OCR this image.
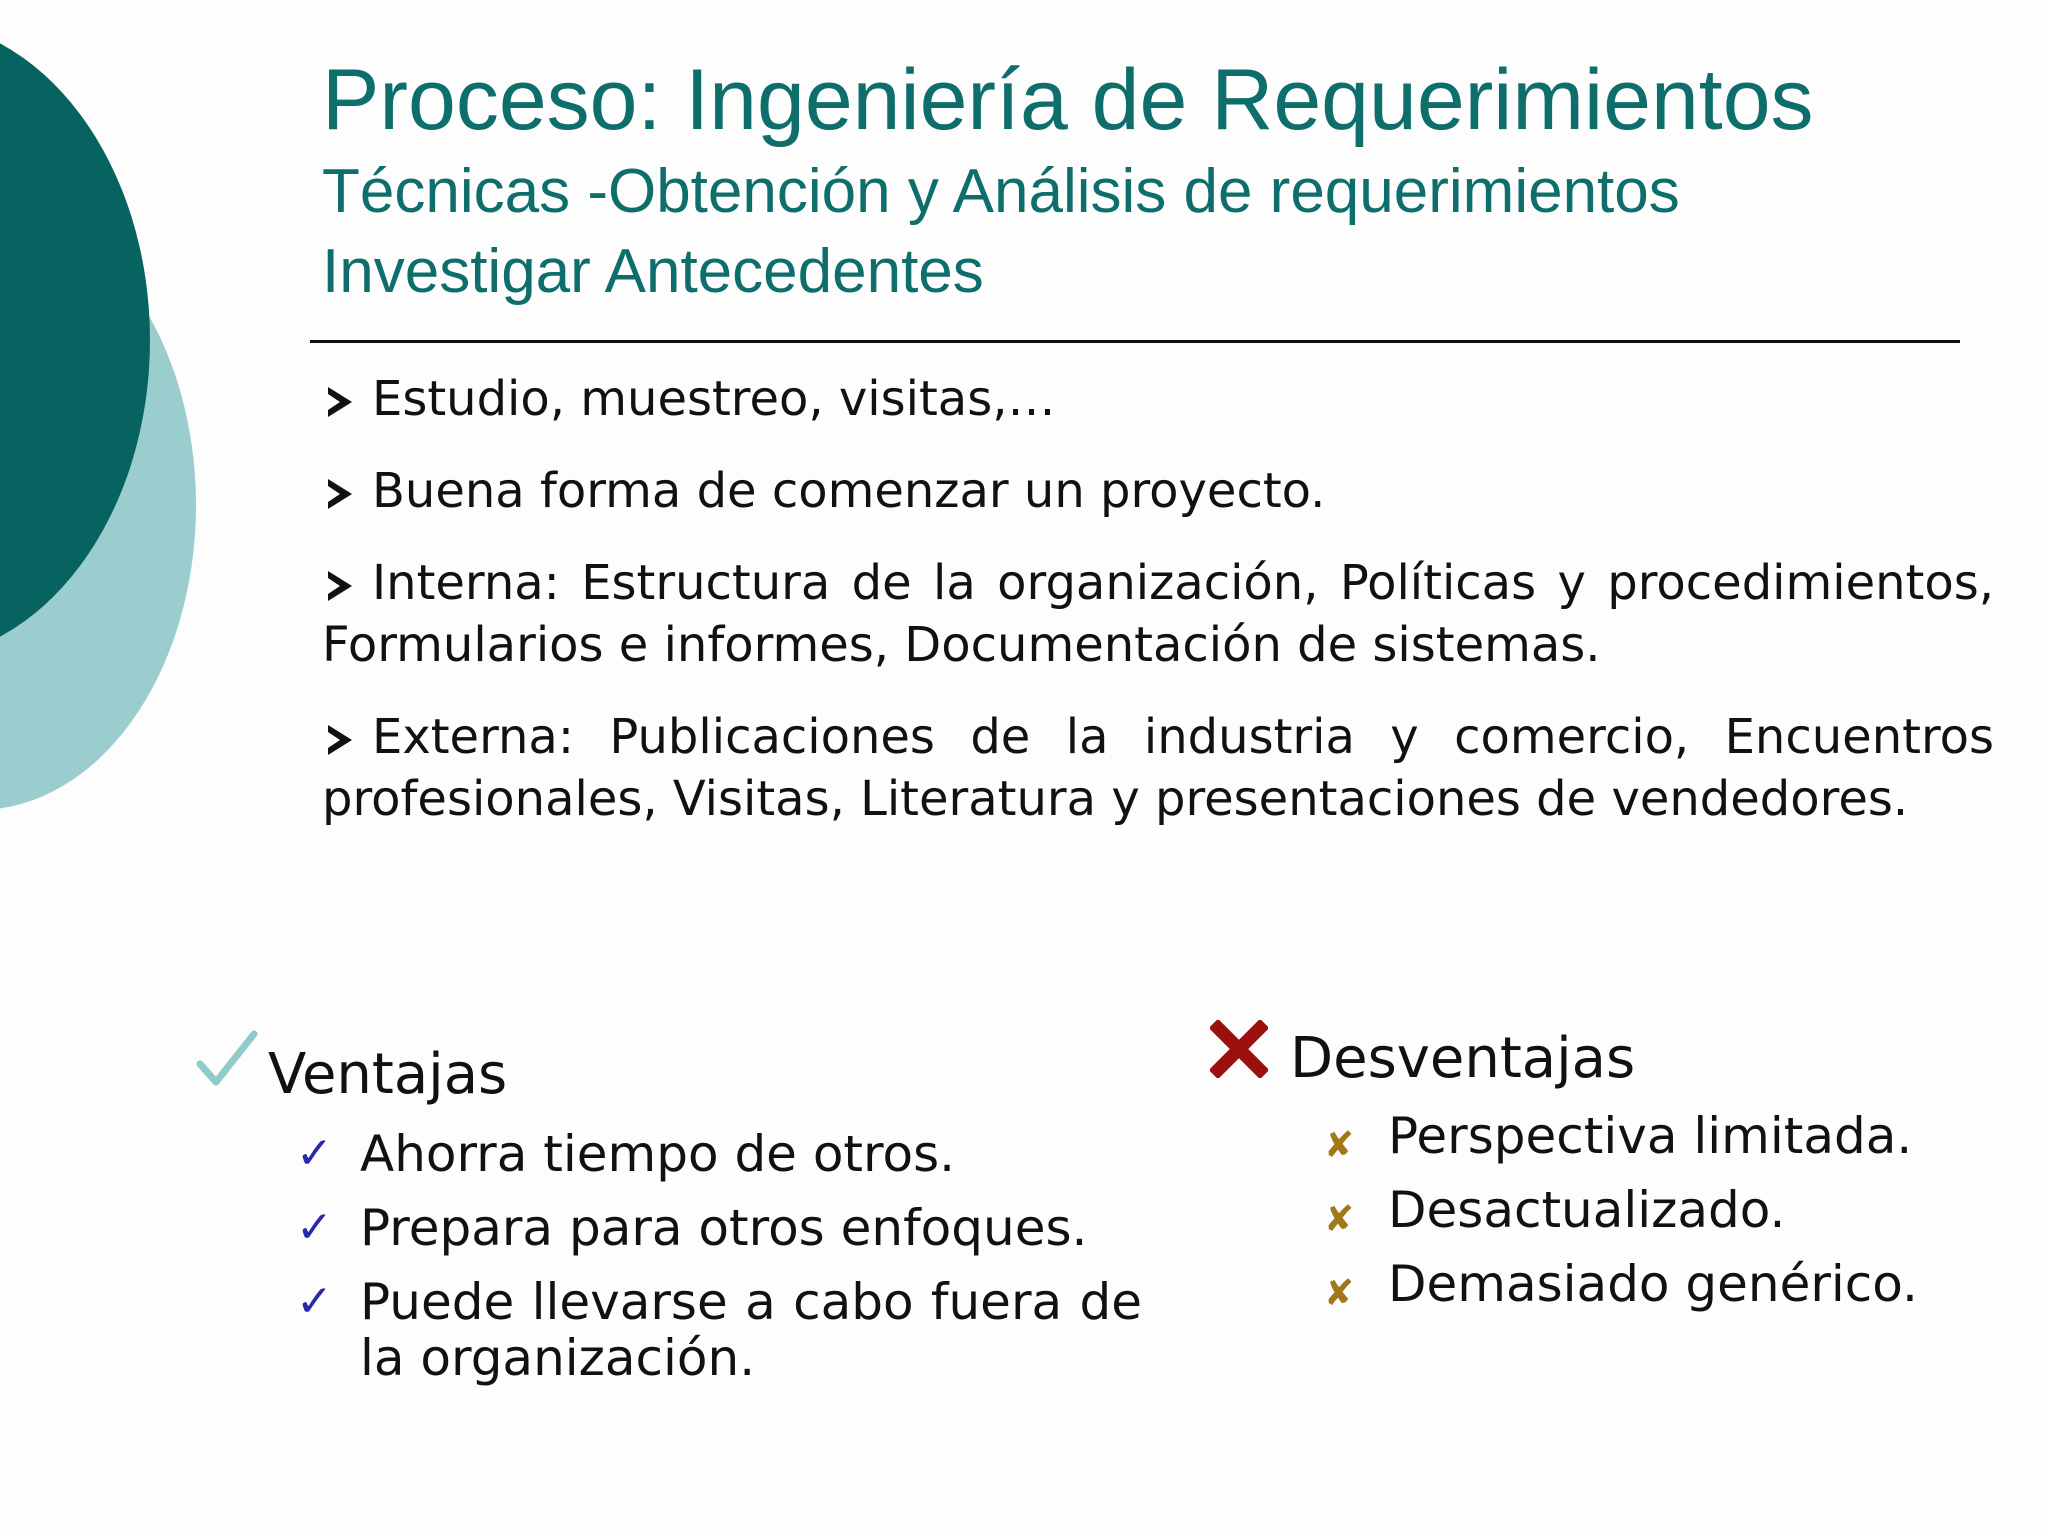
Proceso: Ingeniería de Requerimientos
Técnicas -Obtención y Análisis de requerimientos
Investigar Antecedentes

Estudio, muestreo, visitas,…

Buena forma de comenzar un proyecto.

Interna: Estructura de la organización, Políticas y procedimientos, Formularios e informes, Documentación de sistemas.

Externa: Publicaciones de la industria y comercio, Encuentros profesionales, Visitas, Literatura y presentaciones de vendedores.

Ventajas
✓ Ahorra tiempo de otros.
✓ Prepara para otros enfoques.
✓ Puede llevarse a cabo fuera de la organización.
Desventajas
✘ Perspectiva limitada.
✘ Desactualizado.
✘ Demasiado genérico.
